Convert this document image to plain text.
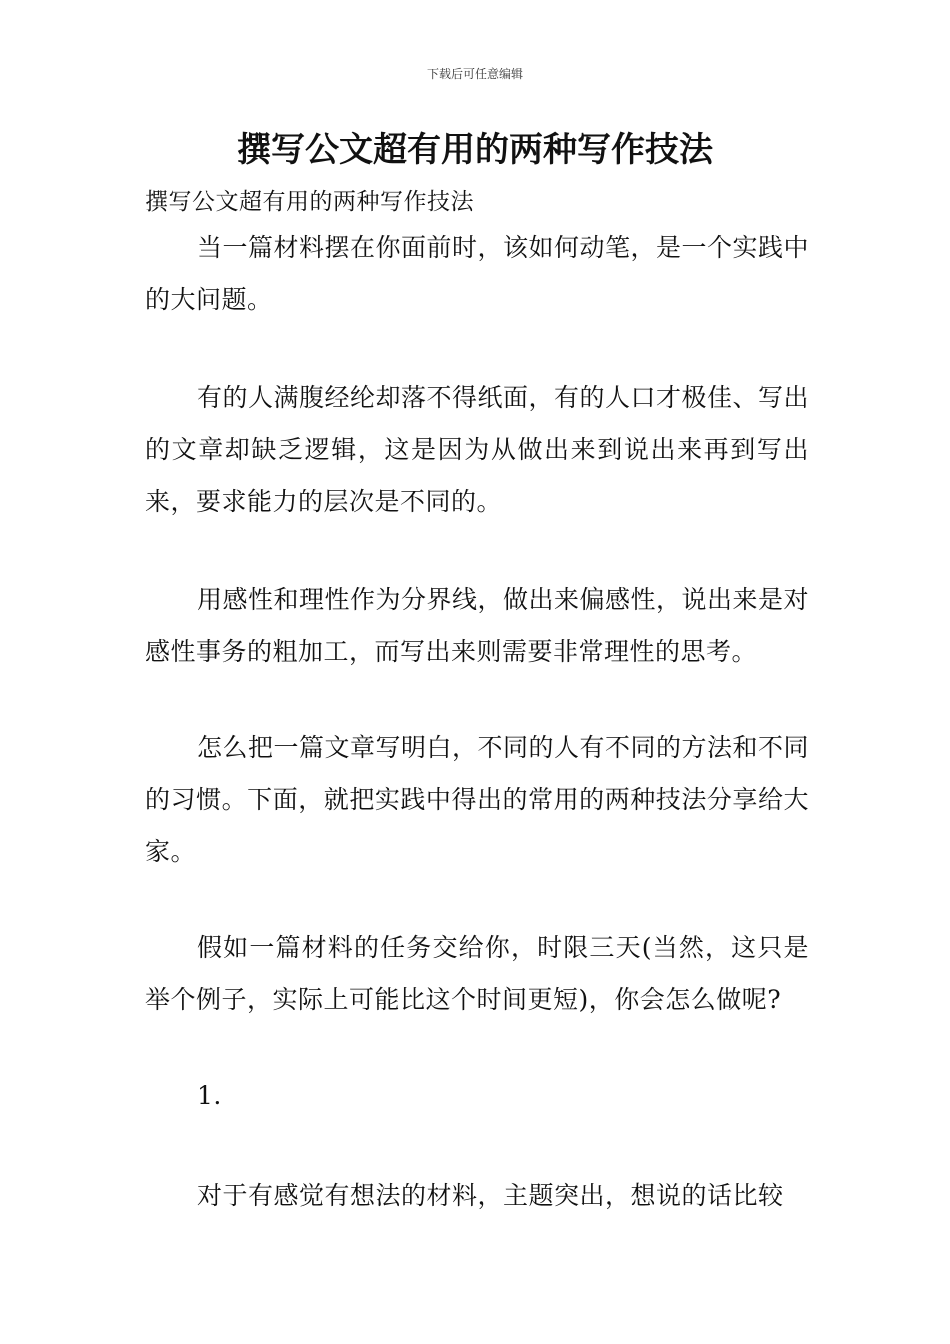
下载后可任意编辑
撰写公文超有用的两种写作技法

撰写公文超有用的两种写作技法

当一篇材料摆在你面前时，该如何动笔，是一个实践中的大问题。

有的人满腹经纶却落不得纸面，有的人口才极佳、写出的文章却缺乏逻辑，这是因为从做出来到说出来再到写出来，要求能力的层次是不同的。

用感性和理性作为分界线，做出来偏感性，说出来是对感性事务的粗加工，而写出来则需要非常理性的思考。

怎么把一篇文章写明白，不同的人有不同的方法和不同的习惯。下面，就把实践中得出的常用的两种技法分享给大家。

假如一篇材料的任务交给你，时限三天(当然，这只是举个例子，实际上可能比这个时间更短)，你会怎么做呢?

1.

对于有感觉有想法的材料，主题突出，想说的话比较
